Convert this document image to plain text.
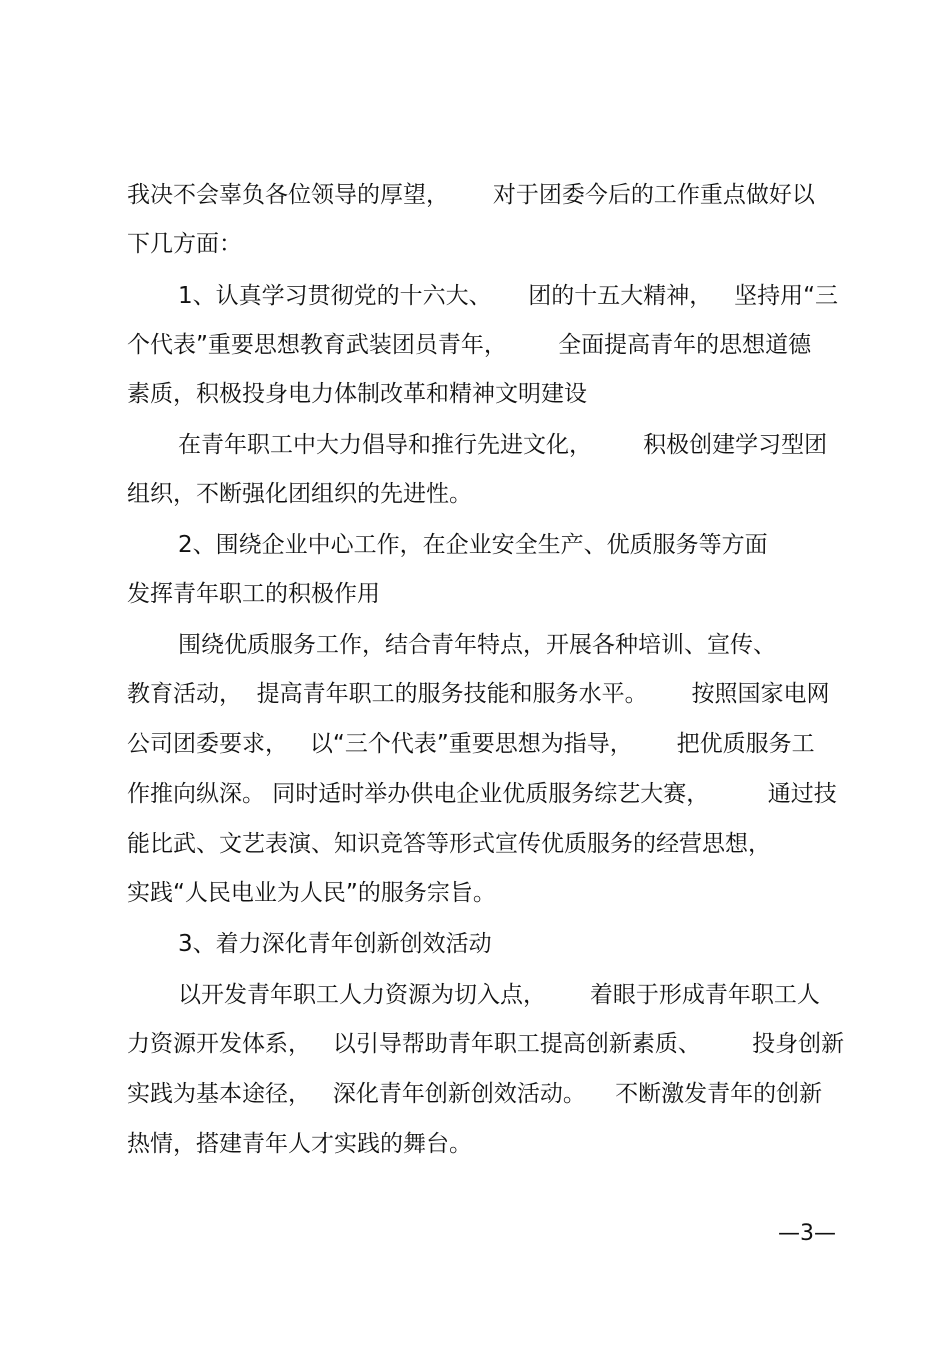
我决不会辜负各位领导的厚望，      对于团委今后的工作重点做好以
下几方面：
1、认真学习贯彻党的十六大、     团的十五大精神，   坚持用“三
个代表”重要思想教育武装团员青年，       全面提高青年的思想道德
素质，积极投身电力体制改革和精神文明建设
在青年职工中大力倡导和推行先进文化，       积极创建学习型团
组织，不断强化团组织的先进性。
2、围绕企业中心工作，在企业安全生产、优质服务等方面
发挥青年职工的积极作用
围绕优质服务工作，结合青年特点，开展各种培训、宣传、
教育活动，  提高青年职工的服务技能和服务水平。      按照国家电网
公司团委要求，   以“三个代表”重要思想为指导，      把优质服务工
作推向纵深。 同时适时举办供电企业优质服务综艺大赛，        通过技
能比武、文艺表演、知识竞答等形式宣传优质服务的经营思想，
实践“人民电业为人民”的服务宗旨。
3、着力深化青年创新创效活动
以开发青年职工人力资源为切入点，      着眼于形成青年职工人
力资源开发体系，   以引导帮助青年职工提高创新素质、       投身创新
实践为基本途径，   深化青年创新创效活动。    不断激发青年的创新
热情，搭建青年人才实践的舞台。
—3—
